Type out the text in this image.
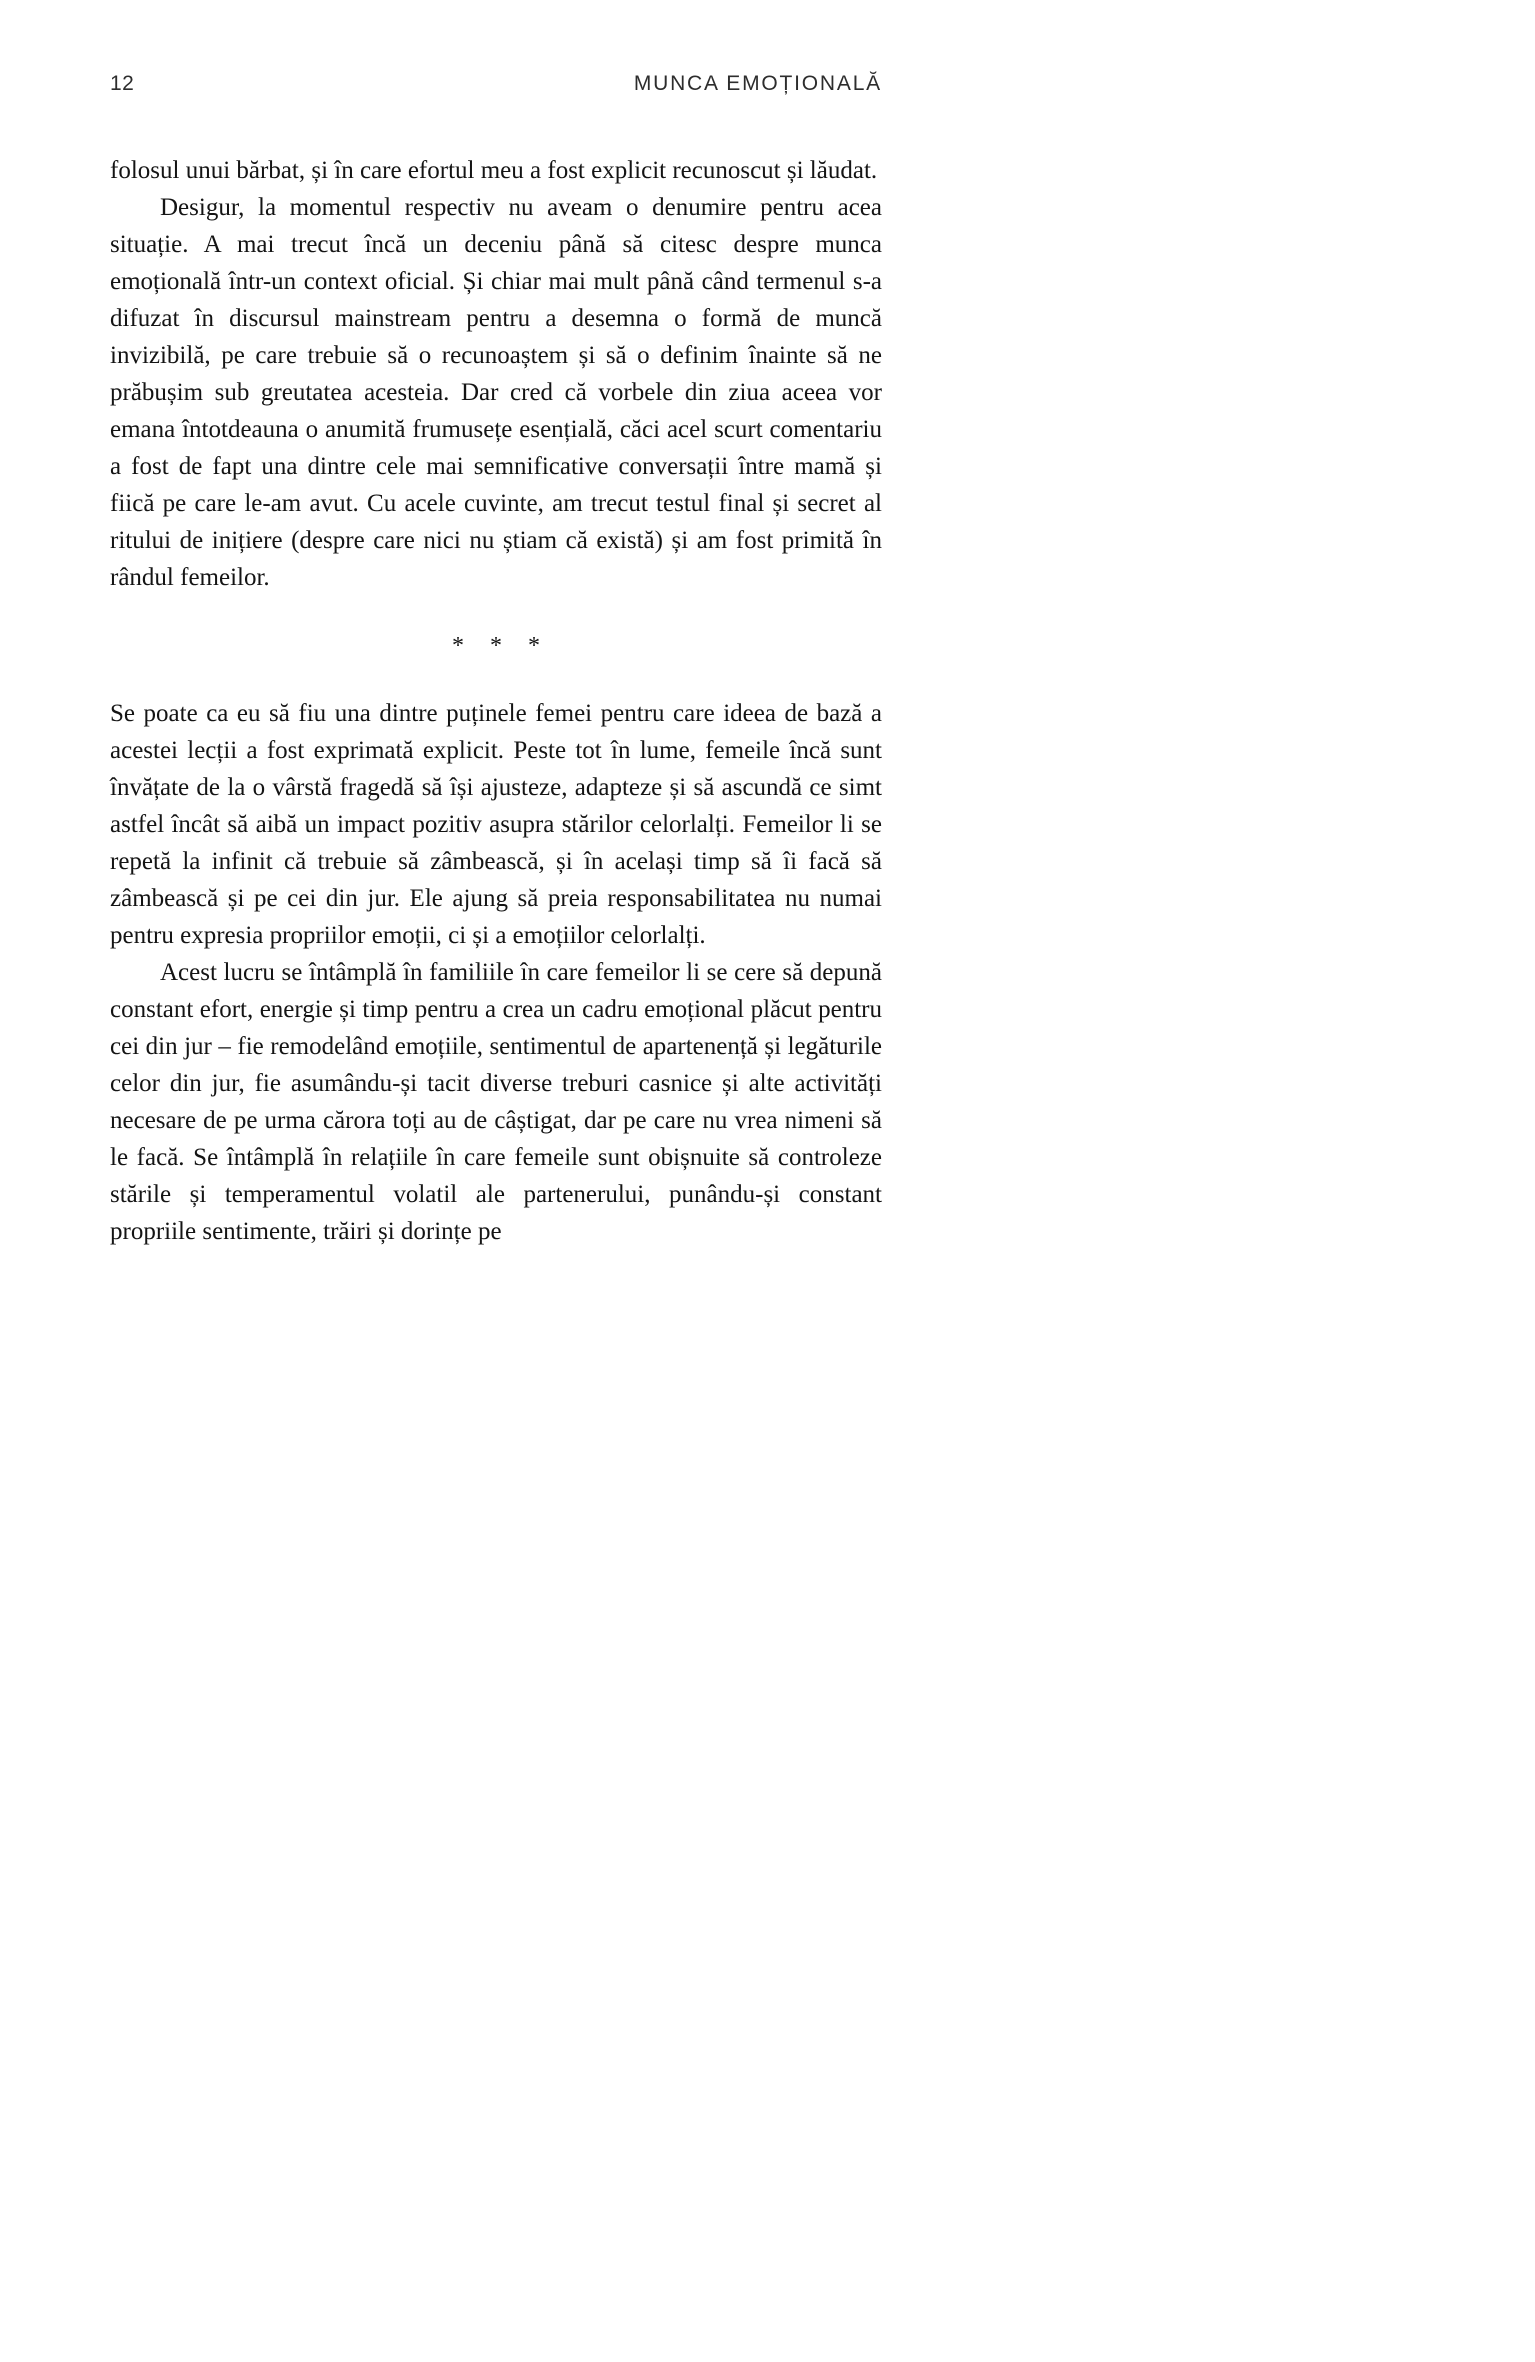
12	MUNCA EMOȚIONALĂ

folosul unui bărbat, și în care efortul meu a fost explicit recunoscut și lăudat.

Desigur, la momentul respectiv nu aveam o denumire pentru acea situație. A mai trecut încă un deceniu până să citesc despre munca emoțională într-un context oficial. Și chiar mai mult până când termenul s-a difuzat în discursul mainstream pentru a desemna o formă de muncă invizibilă, pe care trebuie să o recunoaștem și să o definim înainte să ne prăbușim sub greutatea acesteia. Dar cred că vorbele din ziua aceea vor emana întotdeauna o anumită frumusețe esențială, căci acel scurt comentariu a fost de fapt una dintre cele mai semnificative conversații între mamă și fiică pe care le-am avut. Cu acele cuvinte, am trecut testul final și secret al ritului de inițiere (despre care nici nu știam că există) și am fost primită în rândul femeilor.

* * *

Se poate ca eu să fiu una dintre puținele femei pentru care ideea de bază a acestei lecții a fost exprimată explicit. Peste tot în lume, femeile încă sunt învățate de la o vârstă fragedă să își ajusteze, adapteze și să ascundă ce simt astfel încât să aibă un impact pozitiv asupra stărilor celorlalți. Femeilor li se repetă la infinit că trebuie să zâmbească, și în același timp să îi facă să zâmbească și pe cei din jur. Ele ajung să preia responsabilitatea nu numai pentru expresia propriilor emoții, ci și a emoțiilor celorlalți.

Acest lucru se întâmplă în familiile în care femeilor li se cere să depună constant efort, energie și timp pentru a crea un cadru emoțional plăcut pentru cei din jur – fie remodelând emoțiile, sentimentul de apartenență și legăturile celor din jur, fie asumându-și tacit diverse treburi casnice și alte activități necesare de pe urma cărora toți au de câștigat, dar pe care nu vrea nimeni să le facă. Se întâmplă în relațiile în care femeile sunt obișnuite să controleze stările și temperamentul volatil ale partenerului, punându-și constant propriile sentimente, trăiri și dorințe pe
